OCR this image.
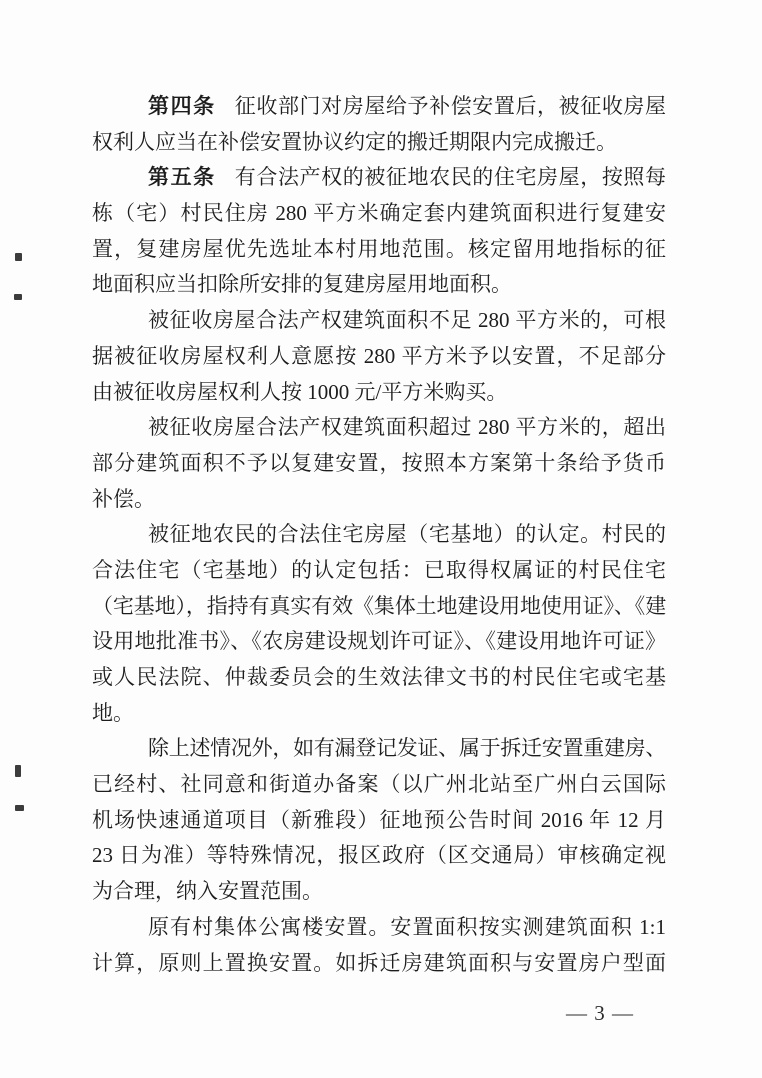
第四条 征收部门对房屋给予补偿安置后，被征收房屋
权利人应当在补偿安置协议约定的搬迁期限内完成搬迁。
第五条 有合法产权的被征地农民的住宅房屋，按照每
栋（宅）村民住房 280 平方米确定套内建筑面积进行复建安
置，复建房屋优先选址本村用地范围。核定留用地指标的征
地面积应当扣除所安排的复建房屋用地面积。
被征收房屋合法产权建筑面积不足 280 平方米的，可根
据被征收房屋权利人意愿按 280 平方米予以安置，不足部分
由被征收房屋权利人按 1000 元/平方米购买。
被征收房屋合法产权建筑面积超过 280 平方米的，超出
部分建筑面积不予以复建安置，按照本方案第十条给予货币
补偿。
被征地农民的合法住宅房屋（宅基地）的认定。村民的
合法住宅（宅基地）的认定包括：已取得权属证的村民住宅
（宅基地），指持有真实有效《集体土地建设用地使用证》、《建
设用地批准书》、《农房建设规划许可证》、《建设用地许可证》
或人民法院、仲裁委员会的生效法律文书的村民住宅或宅基
地。
除上述情况外，如有漏登记发证、属于拆迁安置重建房、
已经村、社同意和街道办备案（以广州北站至广州白云国际
机场快速通道项目（新雅段）征地预公告时间 2016 年 12 月
23 日为准）等特殊情况，报区政府（区交通局）审核确定视
为合理，纳入安置范围。
原有村集体公寓楼安置。安置面积按实测建筑面积 1:1
计算，原则上置换安置。如拆迁房建筑面积与安置房户型面
— 3 —
